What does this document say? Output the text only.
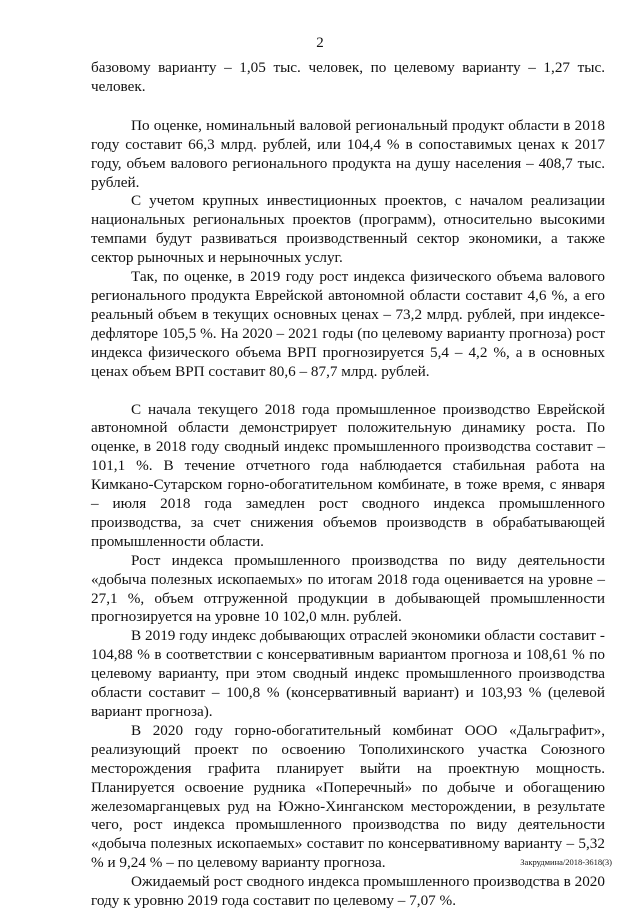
2

базовому варианту – 1,05 тыс. человек, по целевому варианту – 1,27 тыс. человек.

По оценке, номинальный валовой региональный продукт области в 2018 году составит 66,3 млрд. рублей, или 104,4 % в сопоставимых ценах к 2017 году, объем валового регионального продукта на душу населения – 408,7 тыс. рублей.

С учетом крупных инвестиционных проектов, с началом реализации национальных региональных проектов (программ), относительно высокими темпами будут развиваться производственный сектор экономики, а также сектор рыночных и нерыночных услуг.

Так, по оценке, в 2019 году рост индекса физического объема валового регионального продукта Еврейской автономной области составит 4,6 %, а его реальный объем в текущих основных ценах – 73,2 млрд. рублей, при индексе-дефляторе 105,5 %. На 2020 – 2021 годы (по целевому варианту прогноза) рост индекса физического объема ВРП прогнозируется 5,4 – 4,2 %, а в основных ценах объем ВРП составит 80,6 – 87,7 млрд. рублей.

С начала текущего 2018 года промышленное производство Еврейской автономной области демонстрирует положительную динамику роста. По оценке, в 2018 году сводный индекс промышленного производства составит – 101,1 %. В течение отчетного года наблюдается стабильная работа на Кимкано-Сутарском горно-обогатительном комбинате, в тоже время, с января – июля 2018 года замедлен рост сводного индекса промышленного производства, за счет снижения объемов производств в обрабатывающей промышленности области.

Рост индекса промышленного производства по виду деятельности «добыча полезных ископаемых» по итогам 2018 года оценивается на уровне – 27,1 %, объем отгруженной продукции в добывающей промышленности прогнозируется на уровне 10 102,0 млн. рублей.

В 2019 году индекс добывающих отраслей экономики области составит - 104,88 % в соответствии с консервативным вариантом прогноза и 108,61 % по целевому варианту, при этом сводный индекс промышленного производства области составит – 100,8 % (консервативный вариант) и 103,93 % (целевой вариант прогноза).

В 2020 году горно-обогатительный комбинат ООО «Дальграфит», реализующий проект по освоению Тополихинского участка Союзного месторождения графита планирует выйти на проектную мощность. Планируется освоение рудника «Поперечный» по добыче и обогащению железомарганцевых руд на Южно-Хинганском месторождении, в результате чего, рост индекса промышленного производства по виду деятельности «добыча полезных ископаемых» составит по консервативному варианту – 5,32 % и 9,24 % – по целевому варианту прогноза.

Ожидаемый рост сводного индекса промышленного производства в 2020 году к уровню 2019 года составит по целевому – 7,07 %.

Закрудмина/2018-3618(3)
